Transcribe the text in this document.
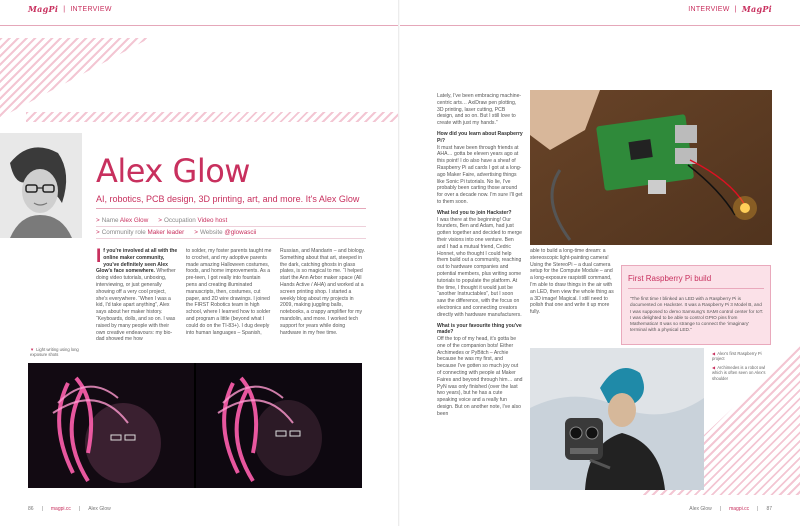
MagPi | INTERVIEW
Alex Glow
AI, robotics, PCB design, 3D printing, art, and more. It's Alex Glow
> Name Alex Glow > Occupation Video host
> Community role Maker leader > Website @glowascii
I f you're involved at all with the online maker community, you've definitely seen Alex Glow's face somewhere. Whether doing video tutorials, unboxing, interviewing, or just generally showing off a very cool project, she's everywhere. “When I was a kid, I'd take apart anything”, Alex says about her maker history. “Keyboards, dolls, and so on. I was raised by many people with their own creative endeavours: my bio-dad showed me how

to solder, my foster parents taught me to crochet, and my adoptive parents made amazing Halloween costumes, foods, and home improvements. As a pre-teen, I got really into fountain pens and creating illuminated manuscripts, then, costumes, cut paper, and 2D wire drawings. I joined the FIRST Robotics team in high school, where I learned how to solder and program a little (beyond what I could do on the TI-83+). I dug deeply into human languages – Spanish,

Russian, and Mandarin – and biology. Something about that art, steeped in the dark, catching ghosts in glass plates, is so magical to me. “I helped start the Ann Arbor maker space (All Hands Active / AHA) and worked at a screen printing shop. I started a weekly blog about my projects in 2009, making juggling balls, notebooks, a crappy amplifier for my mandolin, and more. I worked tech support for years while doing hardware in my free time.

▼ Light writing using long exposure shots
86 | magpi.cc | Alex Glow
INTERVIEW | MagPi

Lately, I've been embracing machine-centric arts… AxiDraw pen plotting, 3D printing, laser cutting, PCB design, and so on. But I still love to create with just my hands.”

How did you learn about Raspberry Pi?

It must have been through friends at AHA… gotta be eleven years ago at this point! I do also have a sheaf of Raspberry Pi ad cards I got at a long-ago Maker Faire, advertising things like Sonic Pi tutorials. No lie, I've probably been carting those around for over a decade now. I'm sure I'll get to them soon.

What led you to join Hackster?

I was there at the beginning! Our founders, Ben and Adam, had just gotten together and decided to merge their visions into one venture. Ben and I had a mutual friend, Cedric Honnet, who thought I could help them build out a community, reaching out to hardware companies and potential members, plus writing some tutorials to populate the platform. At the time, I thought it would just be “another Instructables”, but I soon saw the difference, with the focus on electronics and connecting creators directly with hardware manufacturers.

What is your favourite thing you've made?

Off the top of my head, it's gotta be one of the companion bots! Either Archimedes or PyBitch – Archie because he was my first, and because I've gotten so much joy out of connecting with people at Maker Faires and beyond through him… and PyN was only finished (over the last two years), but he has a cute speaking voice and a really fun design. But on another note, I've also been

able to build a long-time dream: a stereoscopic light-painting camera! Using the StereoPi – a dual camera setup for the Compute Module – and a long-exposure raspistill command, I'm able to draw things in the air with an LED, then view the whole thing as a 3D image! Magical. I still need to polish that one and write it up more fully.

First Raspberry Pi build
“The first time I blinked an LED with a Raspberry Pi is documented on Hackster. It was a Raspberry Pi 3 Model B, and I was supposed to demo Samsung's SAMI control center for IoT. I was delighted to be able to control GPIO pins from Mathematica! It was so strange to connect the ‘imaginary’ terminal with a physical LED.”
◀ Alex's first Raspberry Pi project
◀ Archimedes is a robot owl which is often seen on Alex's shoulder
Alex Glow | magpi.cc | 87
